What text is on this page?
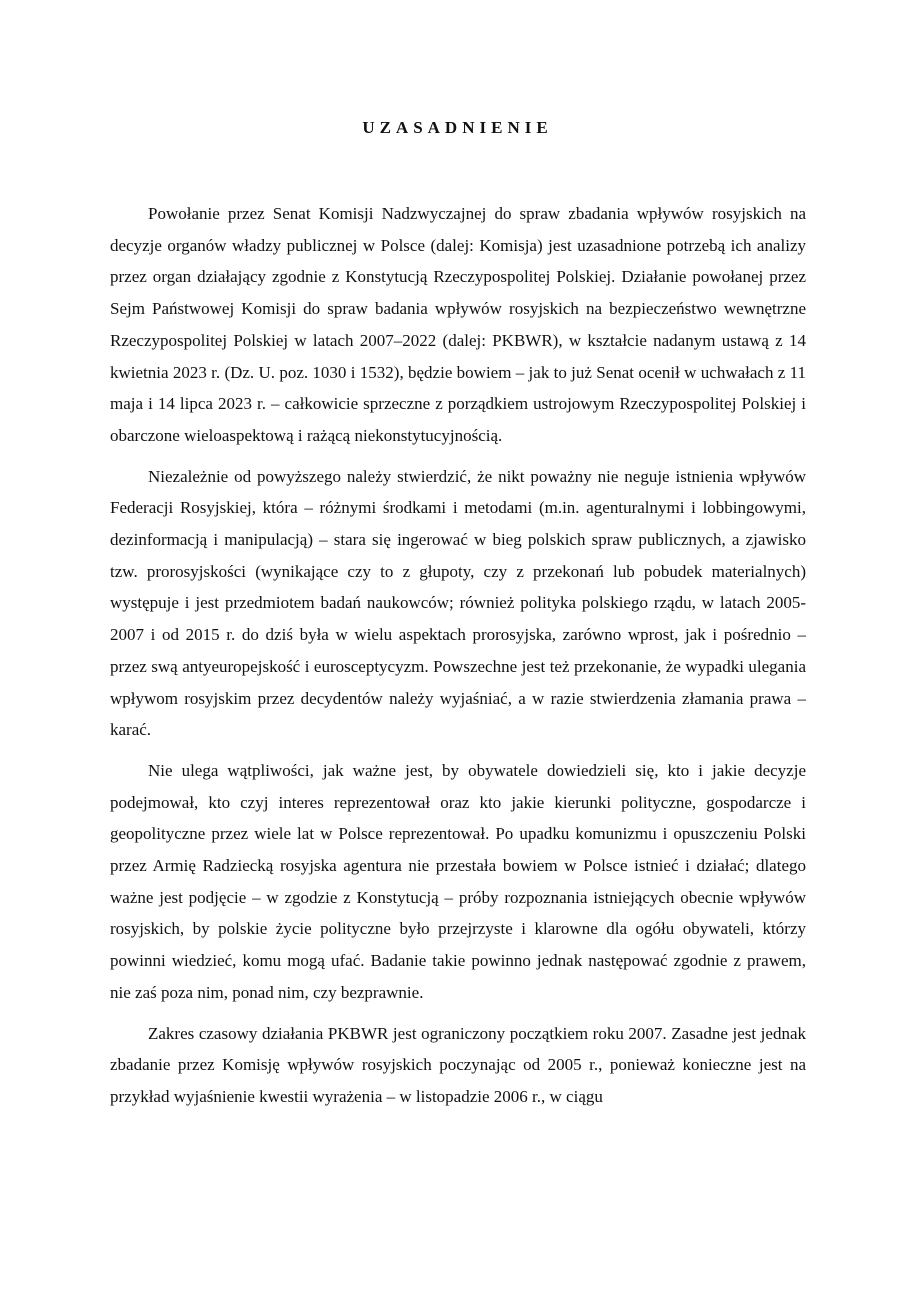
UZASADNIENIE

Powołanie przez Senat Komisji Nadzwyczajnej do spraw zbadania wpływów rosyjskich na decyzje organów władzy publicznej w Polsce (dalej: Komisja) jest uzasadnione potrzebą ich analizy przez organ działający zgodnie z Konstytucją Rzeczypospolitej Polskiej. Działanie powołanej przez Sejm Państwowej Komisji do spraw badania wpływów rosyjskich na bezpieczeństwo wewnętrzne Rzeczypospolitej Polskiej w latach 2007–2022 (dalej: PKBWR), w kształcie nadanym ustawą z 14 kwietnia 2023 r. (Dz. U. poz. 1030 i 1532), będzie bowiem – jak to już Senat ocenił w uchwałach z 11 maja i 14 lipca 2023 r. – całkowicie sprzeczne z porządkiem ustrojowym Rzeczypospolitej Polskiej i obarczone wieloaspektową i rażącą niekonstytucyjnością.

Niezależnie od powyższego należy stwierdzić, że nikt poważny nie neguje istnienia wpływów Federacji Rosyjskiej, która – różnymi środkami i metodami (m.in. agenturalnymi i lobbingowymi, dezinformacją i manipulacją) – stara się ingerować w bieg polskich spraw publicznych, a zjawisko tzw. prorosyjskości (wynikające czy to z głupoty, czy z przekonań lub pobudek materialnych) występuje i jest przedmiotem badań naukowców; również polityka polskiego rządu, w latach 2005-2007 i od 2015 r. do dziś była w wielu aspektach prorosyjska, zarówno wprost, jak i pośrednio – przez swą antyeuropejskość i eurosceptycyzm. Powszechne jest też przekonanie, że wypadki ulegania wpływom rosyjskim przez decydentów należy wyjaśniać, a w razie stwierdzenia złamania prawa – karać.

Nie ulega wątpliwości, jak ważne jest, by obywatele dowiedzieli się, kto i jakie decyzje podejmował, kto czyj interes reprezentował oraz kto jakie kierunki polityczne, gospodarcze i geopolityczne przez wiele lat w Polsce reprezentował. Po upadku komunizmu i opuszczeniu Polski przez Armię Radziecką rosyjska agentura nie przestała bowiem w Polsce istnieć i działać; dlatego ważne jest podjęcie – w zgodzie z Konstytucją – próby rozpoznania istniejących obecnie wpływów rosyjskich, by polskie życie polityczne było przejrzyste i klarowne dla ogółu obywateli, którzy powinni wiedzieć, komu mogą ufać. Badanie takie powinno jednak następować zgodnie z prawem, nie zaś poza nim, ponad nim, czy bezprawnie.

Zakres czasowy działania PKBWR jest ograniczony początkiem roku 2007. Zasadne jest jednak zbadanie przez Komisję wpływów rosyjskich poczynając od 2005 r., ponieważ konieczne jest na przykład wyjaśnienie kwestii wyrażenia – w listopadzie 2006 r., w ciągu
